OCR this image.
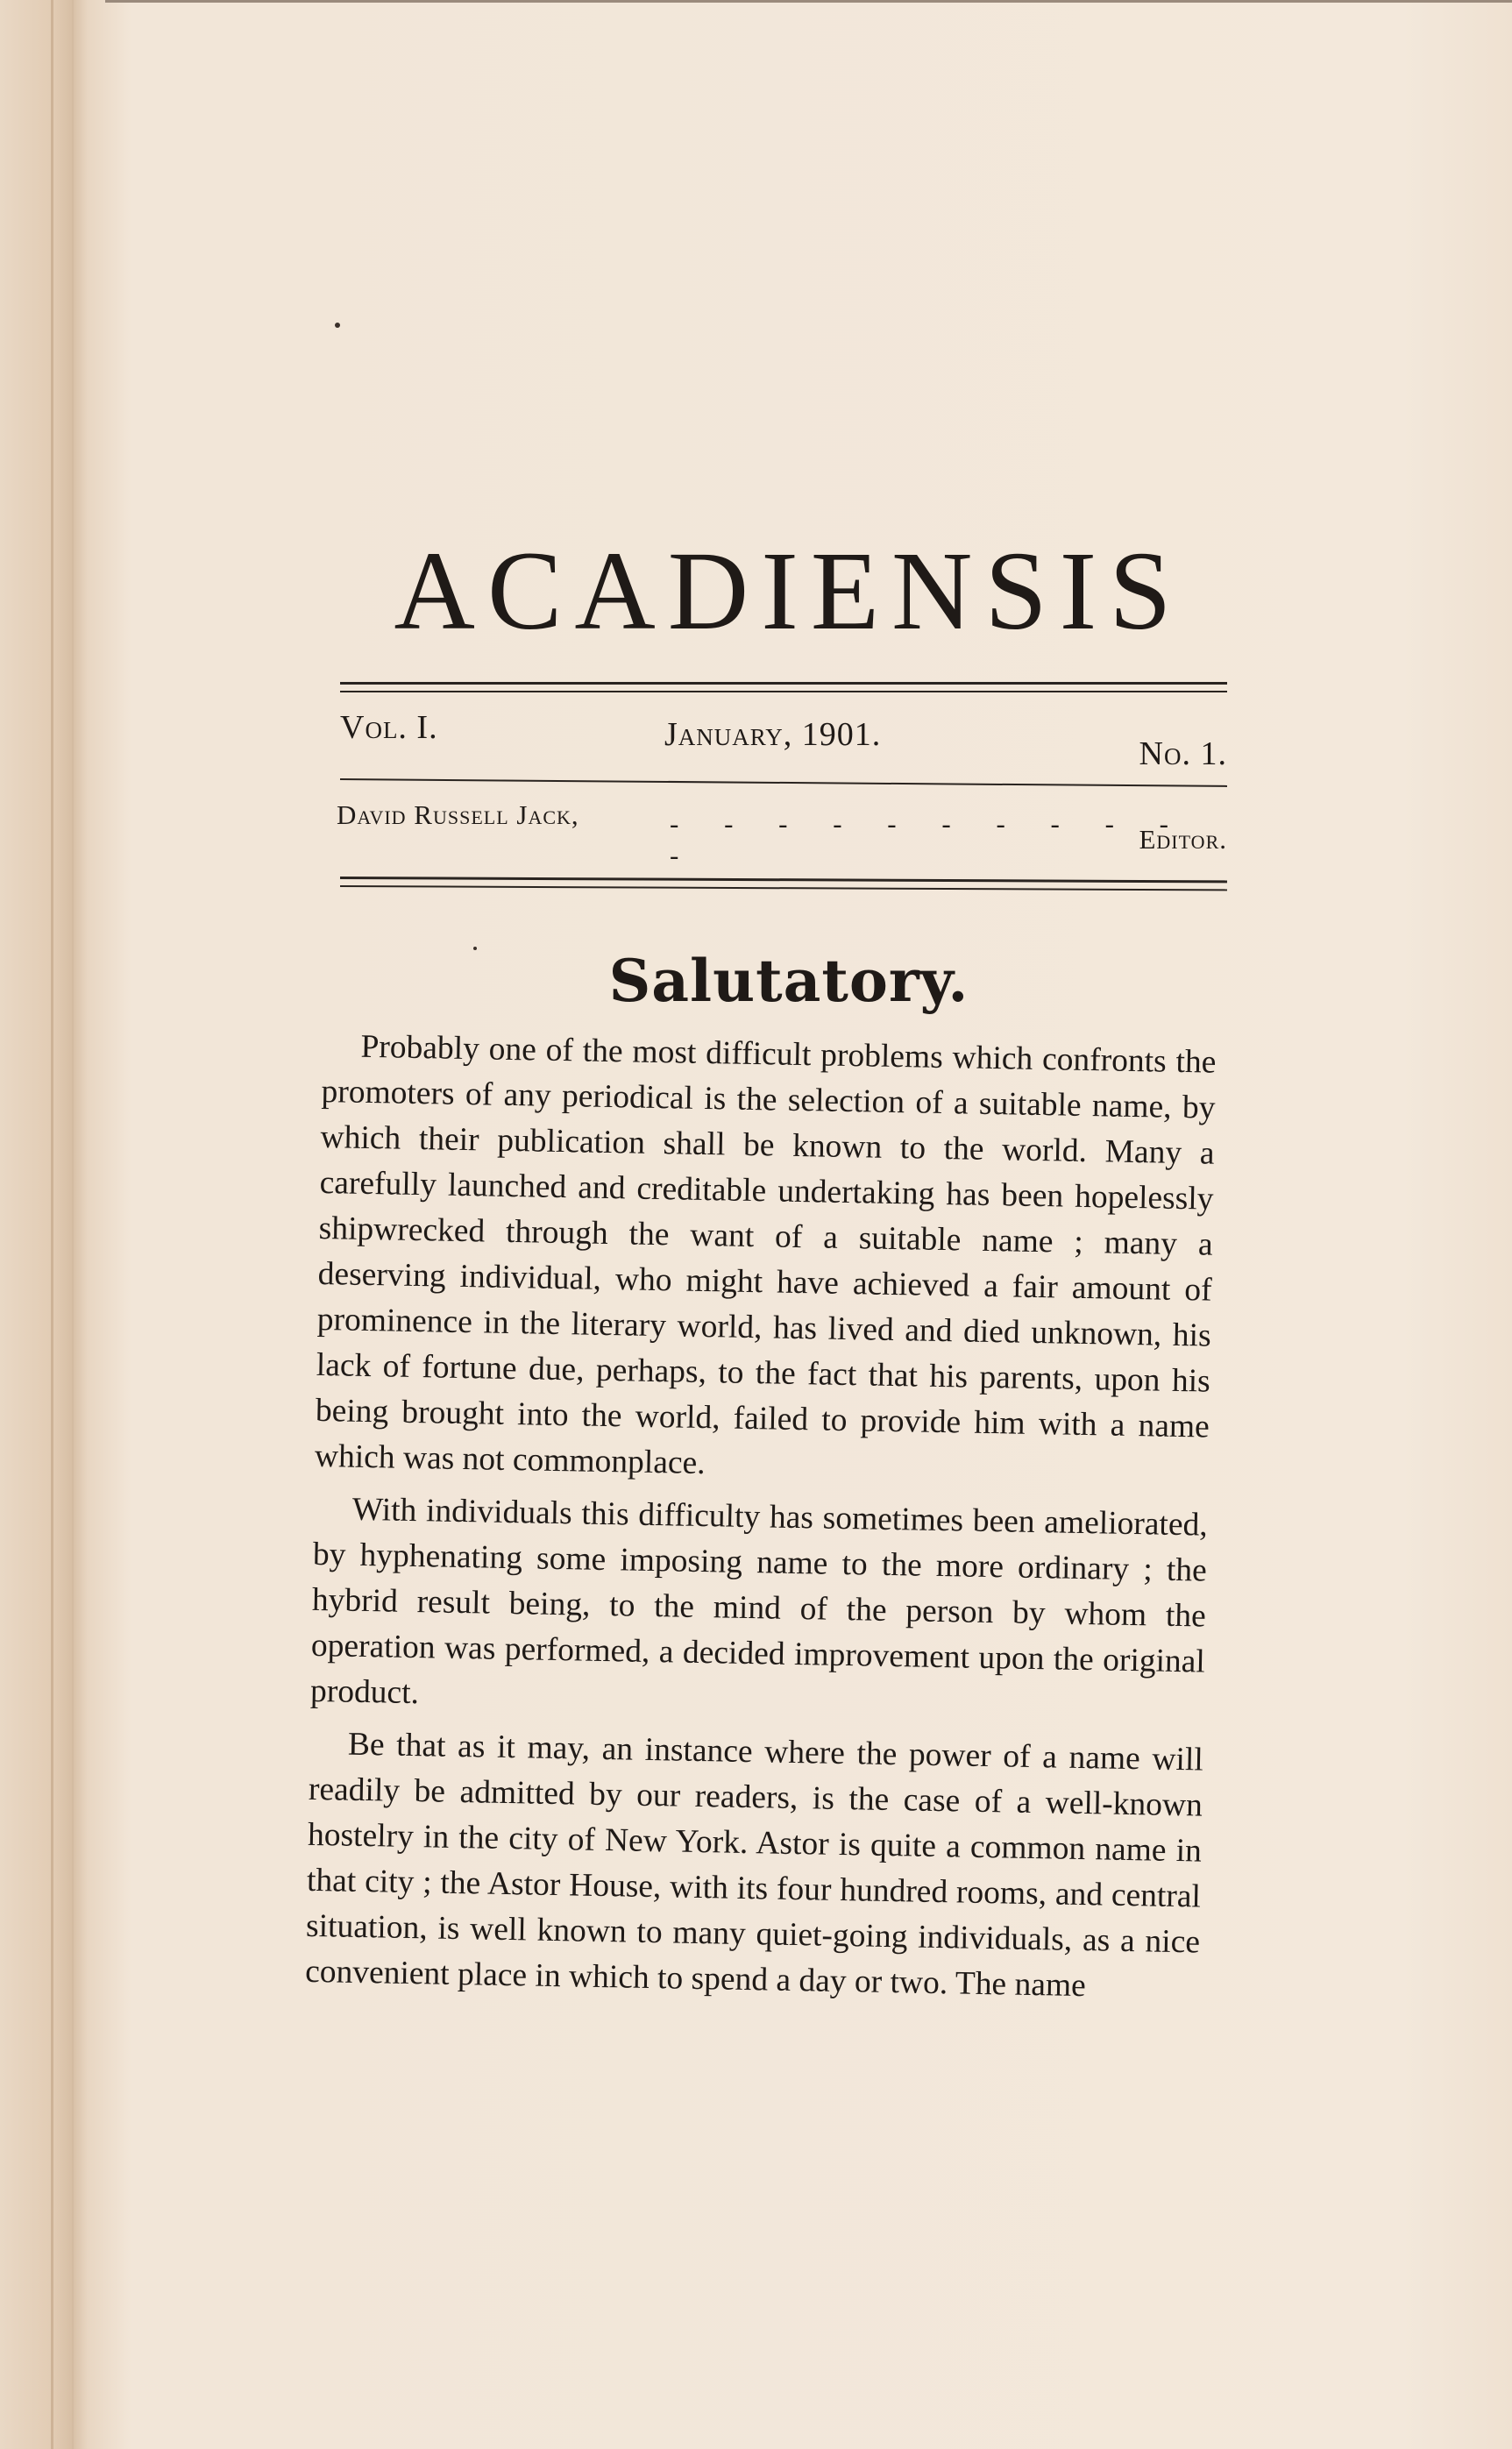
ACADIENSIS
Vol. I.	January, 1901.
No. 1.
David Russell Jack,	- - - - - - - - - - -
Editor.
Salutatory.

Probably one of the most difficult problems which confronts the promoters of any periodical is the selection of a suitable name, by which their publication shall be known to the world. Many a carefully launched and creditable undertaking has been hopelessly shipwrecked through the want of a suitable name ; many a deserving individual, who might have achieved a fair amount of prominence in the literary world, has lived and died unknown, his lack of fortune due, perhaps, to the fact that his parents, upon his being brought into the world, failed to provide him with a name which was not commonplace.

With individuals this difficulty has sometimes been ameliorated, by hyphenating some imposing name to the more ordinary ; the hybrid result being, to the mind of the person by whom the operation was performed, a decided improvement upon the original product.

Be that as it may, an instance where the power of a name will readily be admitted by our readers, is the case of a well-known hostelry in the city of New York. Astor is quite a common name in that city ; the Astor House, with its four hundred rooms, and central situation, is well known to many quiet-going individuals, as a nice convenient place in which to spend a day or two. The name
